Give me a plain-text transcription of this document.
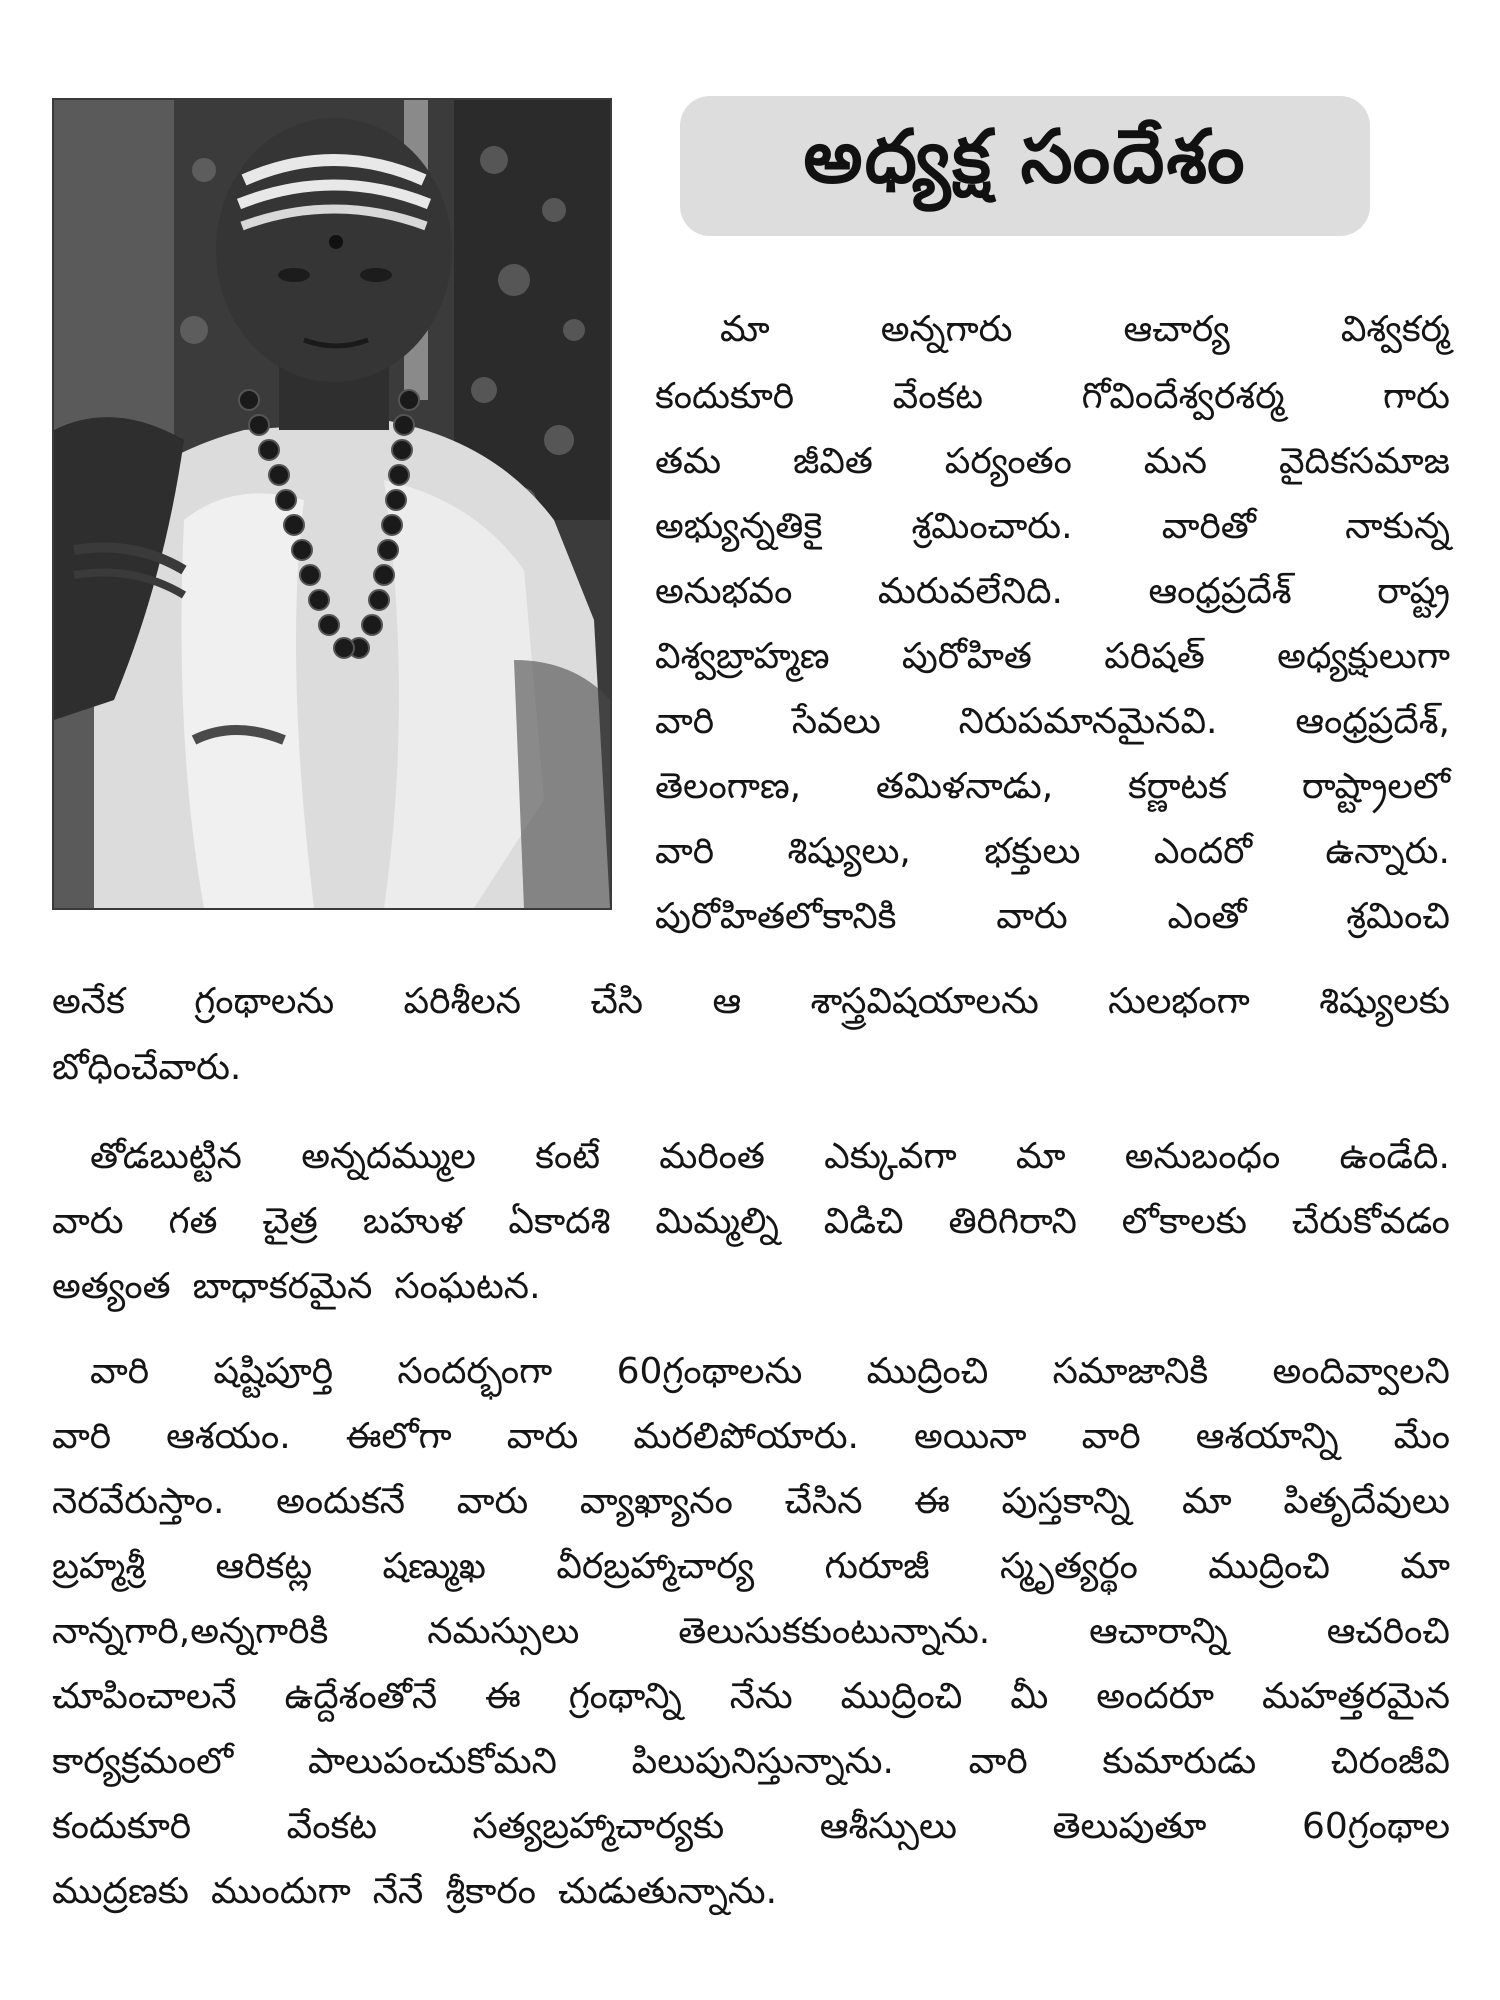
అధ్యక్ష సందేశం
మా	అన్నగారు	ఆచార్య	విశ్వకర్మ
కందుకూరి	వేంకట	గోవిందేశ్వరశర్మ	గారు
తమ జీవిత పర్యంతం మన వైదికసమాజ
అభ్యున్నతికై శ్రమించారు. వారితో నాకున్న
అనుభవం మరువలేనిది. ఆంధ్రప్రదేశ్ రాష్ట్ర
విశ్వబ్రాహ్మణ పురోహిత పరిషత్ అధ్యక్షులుగా
వారి సేవలు నిరుపమానమైనవి. ఆంధ్రప్రదేశ్,
తెలంగాణ, తమిళనాడు, కర్ణాటక రాష్ట్రాలలో
వారి శిష్యులు, భక్తులు ఎందరో ఉన్నారు.
పురోహితలోకానికి	వారు	ఎంతో	శ్రమించి
అనేక గ్రంథాలను పరిశీలన చేసి ఆ శాస్త్రవిషయాలను సులభంగా శిష్యులకు
బోధించేవారు.
తోడబుట్టిన అన్నదమ్ముల కంటే మరింత ఎక్కువగా మా అనుబంధం ఉండేది.
వారు గత చైత్ర బహుళ ఏకాదశి మిమ్మల్ని విడిచి తిరిగిరాని లోకాలకు చేరుకోవడం
అత్యంత బాధాకరమైన సంఘటన.
వారి షష్టిపూర్తి సందర్భంగా 60గ్రంథాలను ముద్రించి సమాజానికి అందివ్వాలని
వారి ఆశయం. ఈలోగా వారు మరలిపోయారు. అయినా వారి ఆశయాన్ని మేం
నెరవేరుస్తాం. అందుకనే వారు వ్యాఖ్యానం చేసిన ఈ పుస్తకాన్ని మా పితృదేవులు
బ్రహ్మశ్రీ ఆరికట్ల షణ్ముఖ వీరబ్రహ్మాచార్య గురూజీ స్మృత్యర్థం ముద్రించి మా
నాన్నగారి,అన్నగారికి	నమస్సులు	తెలుసుకకుంటున్నాను.	ఆచారాన్ని	ఆచరించి
చూపించాలనే ఉద్దేశంతోనే ఈ గ్రంథాన్ని నేను ముద్రించి మీ అందరూ మహత్తరమైన
కార్యక్రమంలో పాలుపంచుకోమని పిలుపునిస్తున్నాను. వారి కుమారుడు చిరంజీవి
కందుకూరి	వేంకట	సత్యబ్రహ్మాచార్యకు	ఆశీస్సులు	తెలుపుతూ	60గ్రంథాల
ముద్రణకు ముందుగా నేనే శ్రీకారం చుడుతున్నాను.
